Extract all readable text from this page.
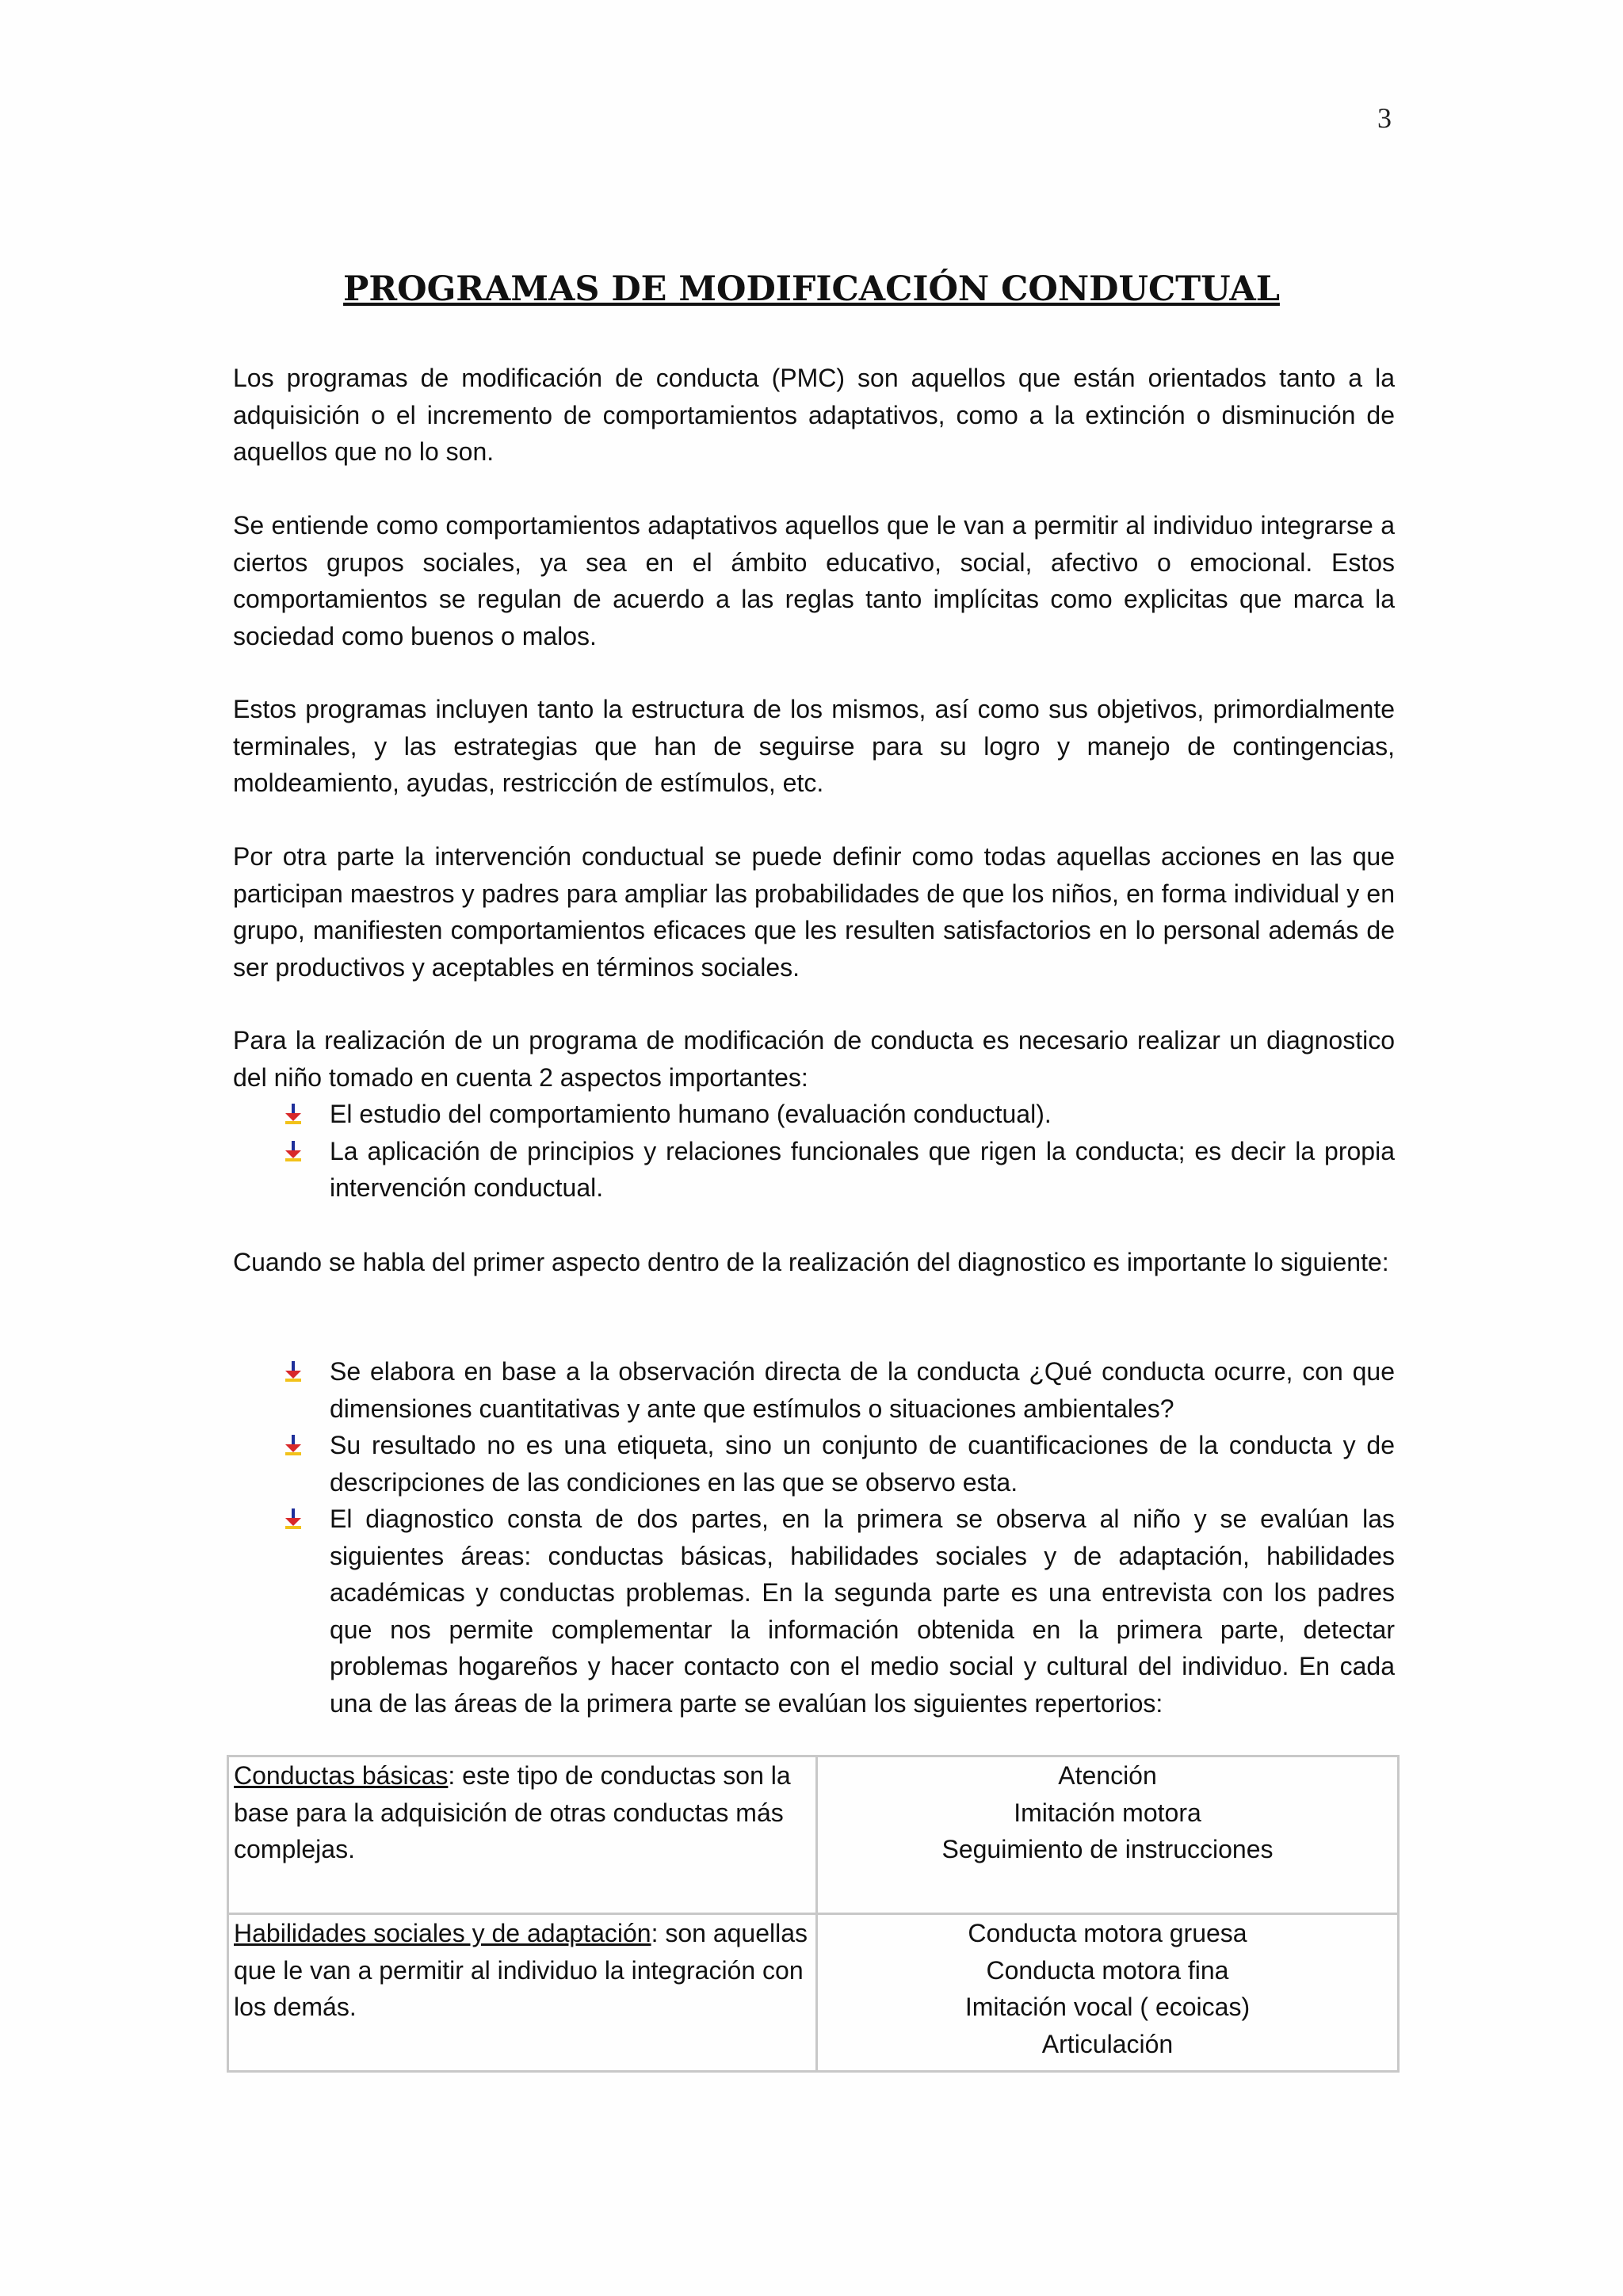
3
PROGRAMAS DE MODIFICACIÓN CONDUCTUAL

Los programas de modificación de conducta (PMC) son aquellos que están orientados tanto a la adquisición o el incremento de comportamientos adaptativos, como a la extinción o disminución de aquellos que no lo son.

Se entiende como comportamientos adaptativos aquellos que le van a permitir al individuo integrarse a ciertos grupos sociales, ya sea en el ámbito educativo, social, afectivo o emocional. Estos comportamientos se regulan de acuerdo a las reglas tanto implícitas como explicitas que marca la sociedad como buenos o malos.

Estos programas incluyen tanto la estructura de los mismos, así como sus objetivos, primordialmente terminales, y las estrategias que han de seguirse para su logro y manejo de contingencias, moldeamiento, ayudas, restricción de estímulos, etc.

Por otra parte la intervención conductual se puede definir como todas aquellas acciones en las que participan maestros y padres para ampliar las probabilidades de que los niños, en forma individual y en grupo, manifiesten comportamientos eficaces que les resulten satisfactorios en lo personal además de ser productivos y aceptables en términos sociales.

Para la realización de un programa de modificación de conducta es necesario realizar un diagnostico del niño tomado en cuenta 2 aspectos importantes:

El estudio del comportamiento humano (evaluación conductual).
La aplicación de principios y relaciones funcionales que rigen la conducta; es decir la propia intervención conductual.

Cuando se habla del primer aspecto dentro de la realización del diagnostico es importante lo siguiente:

Se elabora en base a la observación directa de la conducta ¿Qué conducta ocurre, con que dimensiones cuantitativas y ante que estímulos o situaciones ambientales?
Su resultado no es una etiqueta, sino un conjunto de cuantificaciones de la conducta y de descripciones de las condiciones en las que se observo esta.
El diagnostico consta de dos partes, en la primera se observa al niño y se evalúan las siguientes áreas: conductas básicas, habilidades sociales y de adaptación, habilidades académicas y conductas problemas. En la segunda parte es una entrevista con los padres que nos permite complementar la información obtenida en la primera parte, detectar problemas hogareños y hacer contacto con el medio social y cultural del individuo. En cada una de las áreas de la primera parte se evalúan los siguientes repertorios:
Conductas básicas: este tipo de conductas son la base para la adquisición de otras conductas más complejas.	Atención
Imitación motora
Seguimiento de instrucciones

Habilidades sociales y de adaptación: son aquellas que le van a permitir al individuo la integración con los demás.	Conducta motora gruesa
Conducta motora fina
Imitación vocal ( ecoicas)
Articulación
